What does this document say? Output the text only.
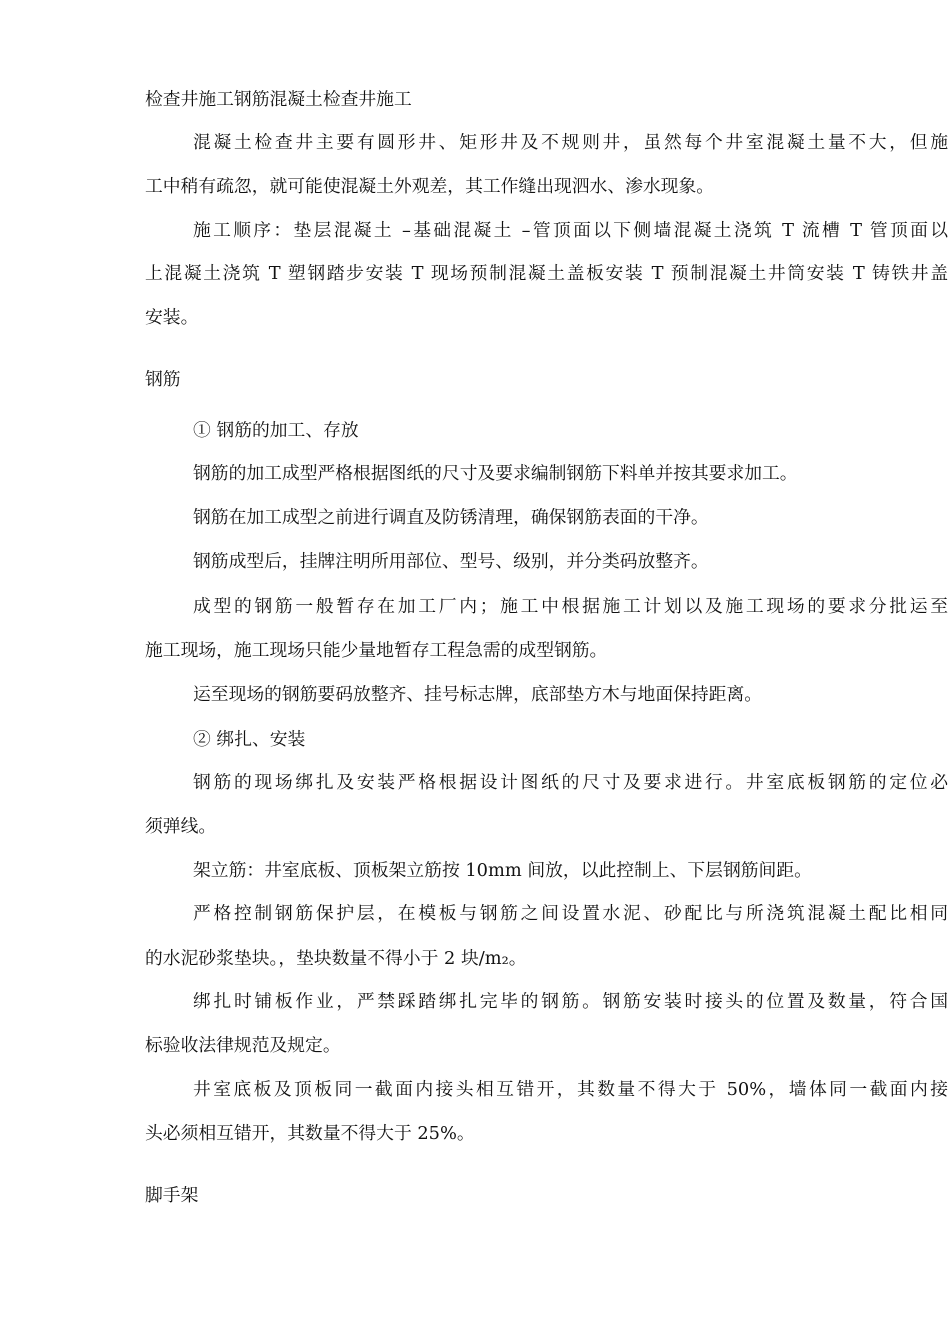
检查井施工钢筋混凝土检查井施工

混凝土检查井主要有圆形井、矩形井及不规则井，虽然每个井室混凝土量不大，但施

工中稍有疏忽，就可能使混凝土外观差，其工作缝出现泗水、渗水现象。

施工顺序：垫层混凝土 –基础混凝土 –管顶面以下侧墙混凝土浇筑 T 流槽 T 管顶面以

上混凝土浇筑 T 塑钢踏步安装 T 现场预制混凝土盖板安装 T 预制混凝土井筒安装 T 铸铁井盖

安装。

钢筋

① 钢筋的加工、存放

钢筋的加工成型严格根据图纸的尺寸及要求编制钢筋下料单并按其要求加工。

钢筋在加工成型之前进行调直及防锈清理，确保钢筋表面的干净。

钢筋成型后，挂牌注明所用部位、型号、级别，并分类码放整齐。

成型的钢筋一般暂存在加工厂内；施工中根据施工计划以及施工现场的要求分批运至

施工现场，施工现场只能少量地暂存工程急需的成型钢筋。

运至现场的钢筋要码放整齐、挂号标志牌，底部垫方木与地面保持距离。

② 绑扎、安装

钢筋的现场绑扎及安装严格根据设计图纸的尺寸及要求进行。井室底板钢筋的定位必

须弹线。

架立筋：井室底板、顶板架立筋按 10mm 间放，以此控制上、下层钢筋间距。

严格控制钢筋保护层，在模板与钢筋之间设置水泥、砂配比与所浇筑混凝土配比相同

的水泥砂浆垫块。，垫块数量不得小于 2 块/m₂。

绑扎时铺板作业，严禁踩踏绑扎完毕的钢筋。钢筋安装时接头的位置及数量，符合国

标验收法律规范及规定。

井室底板及顶板同一截面内接头相互错开，其数量不得大于 50%，墙体同一截面内接

头必须相互错开，其数量不得大于 25%。

脚手架
